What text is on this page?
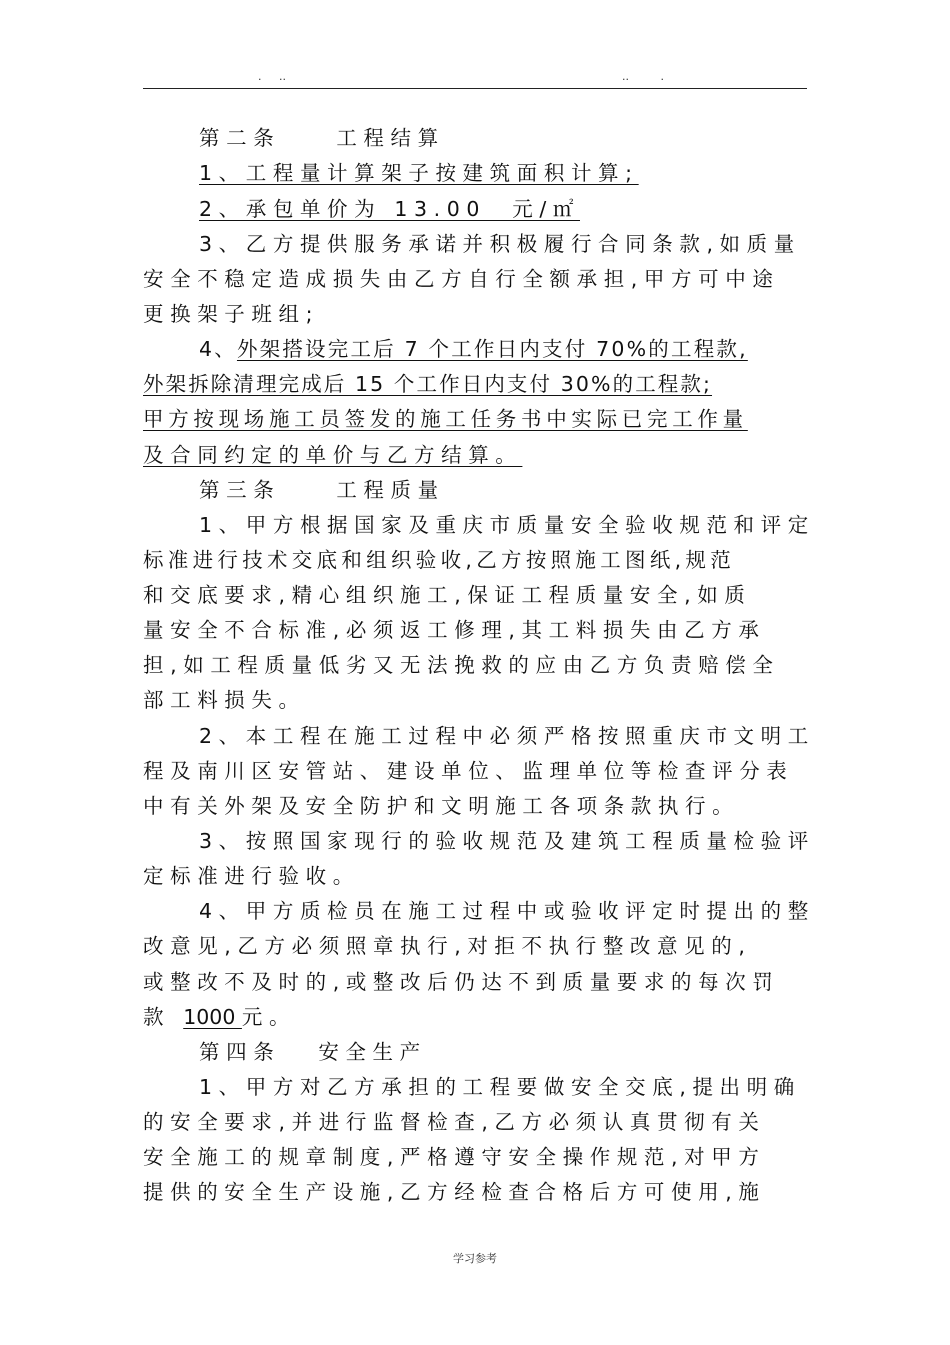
.     ..	..         .
第二条	工程结算
1、工程量计算架子按建筑面积计算;
2、承包单价为 13.00  元/㎡
3、乙方提供服务承诺并积极履行合同条款,如质量
安全不稳定造成损失由乙方自行全额承担,甲方可中途
更换架子班组;
4、外架搭设完工后 7 个工作日内支付 70%的工程款,
外架拆除清理完成后 15 个工作日内支付 30%的工程款;
甲方按现场施工员签发的施工任务书中实际已完工作量
及合同约定的单价与乙方结算。
第三条	工程质量
1、甲方根据国家及重庆市质量安全验收规范和评定
标准进行技术交底和组织验收,乙方按照施工图纸,规范
和交底要求,精心组织施工,保证工程质量安全,如质
量安全不合标准,必须返工修理,其工料损失由乙方承
担,如工程质量低劣又无法挽救的应由乙方负责赔偿全
部工料损失。
2、本工程在施工过程中必须严格按照重庆市文明工
程及南川区安管站、建设单位、监理单位等检查评分表
中有关外架及安全防护和文明施工各项条款执行。
3、按照国家现行的验收规范及建筑工程质量检验评
定标准进行验收。
4、甲方质检员在施工过程中或验收评定时提出的整
改意见,乙方必须照章执行,对拒不执行整改意见的,
或整改不及时的,或整改后仍达不到质量要求的每次罚
款 1000 元。
第四条 安全生产
1、甲方对乙方承担的工程要做安全交底,提出明确
的安全要求,并进行监督检查,乙方必须认真贯彻有关
安全施工的规章制度,严格遵守安全操作规范,对甲方
提供的安全生产设施,乙方经检查合格后方可使用,施
学习参考
